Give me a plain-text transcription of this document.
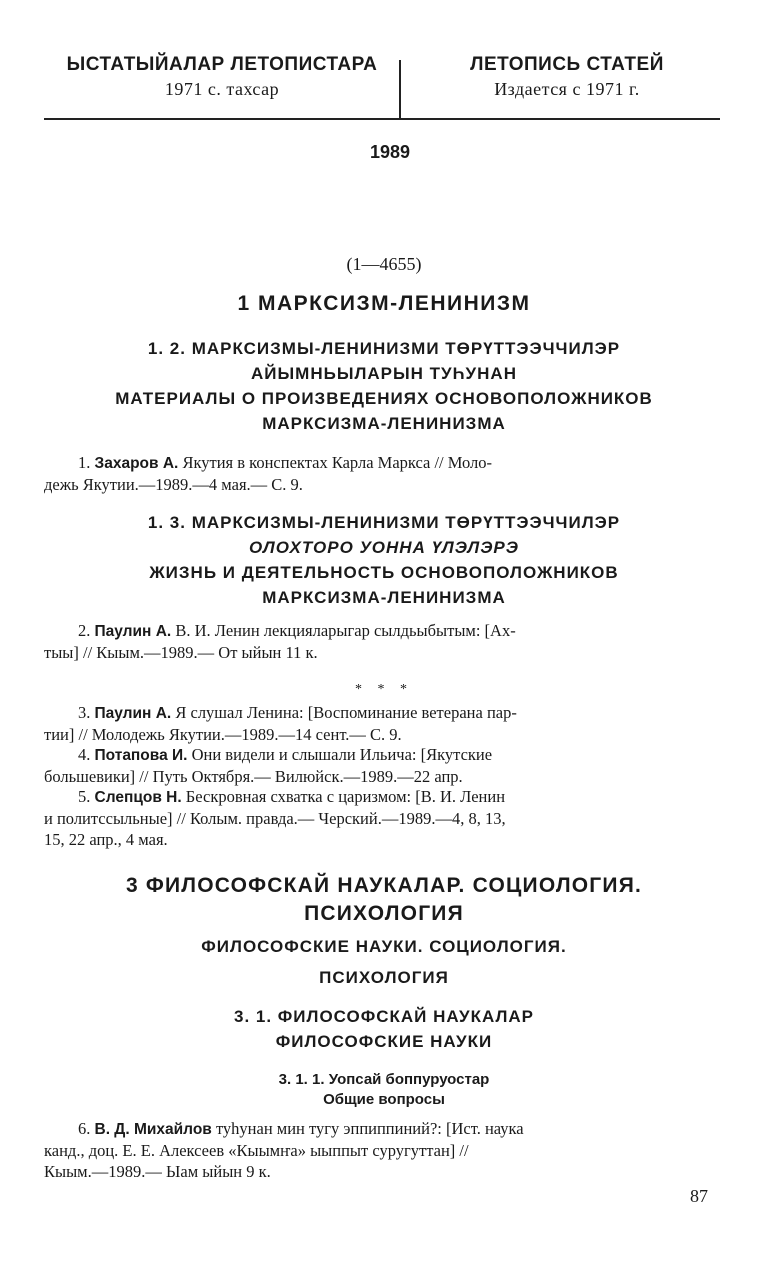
ЫСТАТЫЙАЛАР ЛЕТОПИСТАРА
1971 с. тахсар
ЛЕТОПИСЬ СТАТЕЙ
Издается с 1971 г.
1989
(1—4655)
1 МАРКСИЗМ-ЛЕНИНИЗМ
1. 2. МАРКСИЗМЫ-ЛЕНИНИЗМИ ТӨРҮТТЭЭЧЧИЛЭР
АЙЫМНЬЫЛАРЫН ТУҺУНАН
МАТЕРИАЛЫ О ПРОИЗВЕДЕНИЯХ ОСНОВОПОЛОЖНИКОВ
МАРКСИЗМА-ЛЕНИНИЗМА
1. Захаров А. Якутия в конспектах Карла Маркса // Моло-
дежь Якутии.—1989.—4 мая.— С. 9.
1. 3. МАРКСИЗМЫ-ЛЕНИНИЗМИ ТӨРҮТТЭЭЧЧИЛЭР
ОЛОХТОРО УОННА ҮЛЭЛЭРЭ
ЖИЗНЬ И ДЕЯТЕЛЬНОСТЬ ОСНОВОПОЛОЖНИКОВ
МАРКСИЗМА-ЛЕНИНИЗМА
2. Паулин А. В. И. Ленин лекцияларыгар сылдьыбытым: [Ах-
тыы] // Кыым.—1989.— От ыйын 11 к.
* * *
3. Паулин А. Я слушал Ленина: [Воспоминание ветерана пар-
тии] // Молодежь Якутии.—1989.—14 сент.— С. 9.
4. Потапова И. Они видели и слышали Ильича: [Якутские
большевики] // Путь Октября.— Вилюйск.—1989.—22 апр.
5. Слепцов Н. Бескровная схватка с царизмом: [В. И. Ленин
и политссыльные] // Колым. правда.— Черский.—1989.—4, 8, 13,
15, 22 апр., 4 мая.
3 ФИЛОСОФСКАЙ НАУКАЛАР. СОЦИОЛОГИЯ.
ПСИХОЛОГИЯ
ФИЛОСОФСКИЕ НАУКИ. СОЦИОЛОГИЯ.
ПСИХОЛОГИЯ
3. 1. ФИЛОСОФСКАЙ НАУКАЛАР
ФИЛОСОФСКИЕ НАУКИ
3. 1. 1. Уопсай боппуруостар
Общие вопросы
6. В. Д. Михайлов туһунан мин тугу эппиппиний?: [Ист. наука
канд., доц. Е. Е. Алексеев «Кыымҥа» ыыппыт суругуттан] //
Кыым.—1989.— Ыам ыйын 9 к.
87
